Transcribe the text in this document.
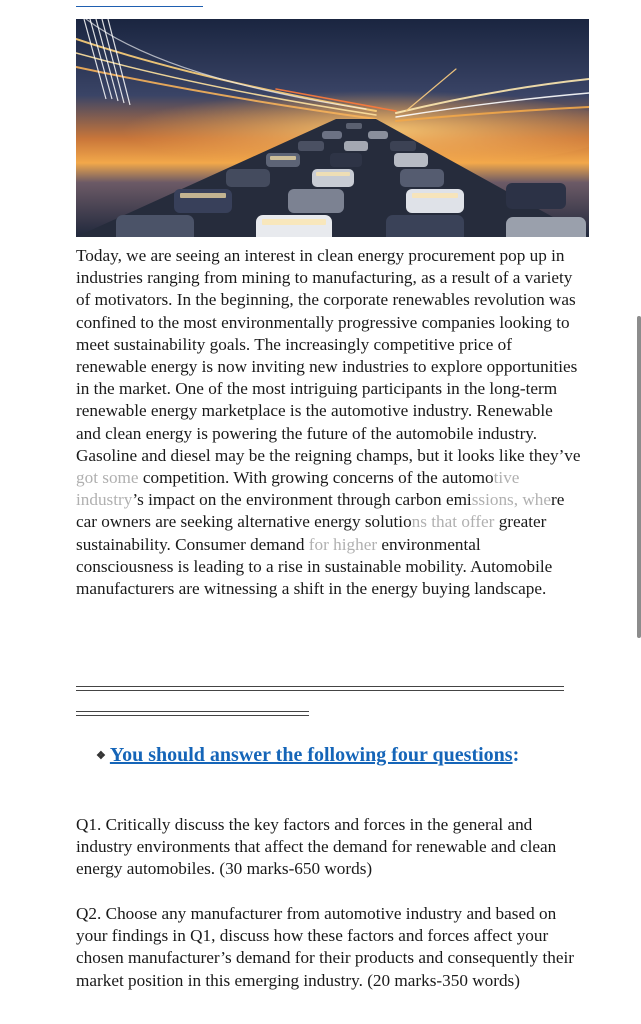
Today, we are seeing an interest in clean energy procurement pop up in industries ranging from mining to manufacturing, as a result of a variety of motivators. In the beginning, the corporate renewables revolution was confined to the most environmentally progressive companies looking to meet sustainability goals. The increasingly competitive price of renewable energy is now inviting new industries to explore opportunities in the market. One of the most intriguing participants in the long-term renewable energy marketplace is the automotive industry. Renewable and clean energy is powering the future of the automobile industry. Gasoline and diesel may be the reigning champs, but it looks like they’ve got some competition. With growing concerns of the automotive industry’s impact on the environment through carbon emissions, where car owners are seeking alternative energy solutions that offer greater sustainability. Consumer demand for higher environmental consciousness is leading to a rise in sustainable mobility. Automobile manufacturers are witnessing a shift in the energy buying landscape.

❖ You should answer the following four questions:

Q1. Critically discuss the key factors and forces in the general and industry environments that affect the demand for renewable and clean energy automobiles. (30 marks-650 words)

Q2. Choose any manufacturer from automotive industry and based on your findings in Q1, discuss how these factors and forces affect your chosen manufacturer’s demand for their products and consequently their market position in this emerging industry. (20 marks-350 words)
